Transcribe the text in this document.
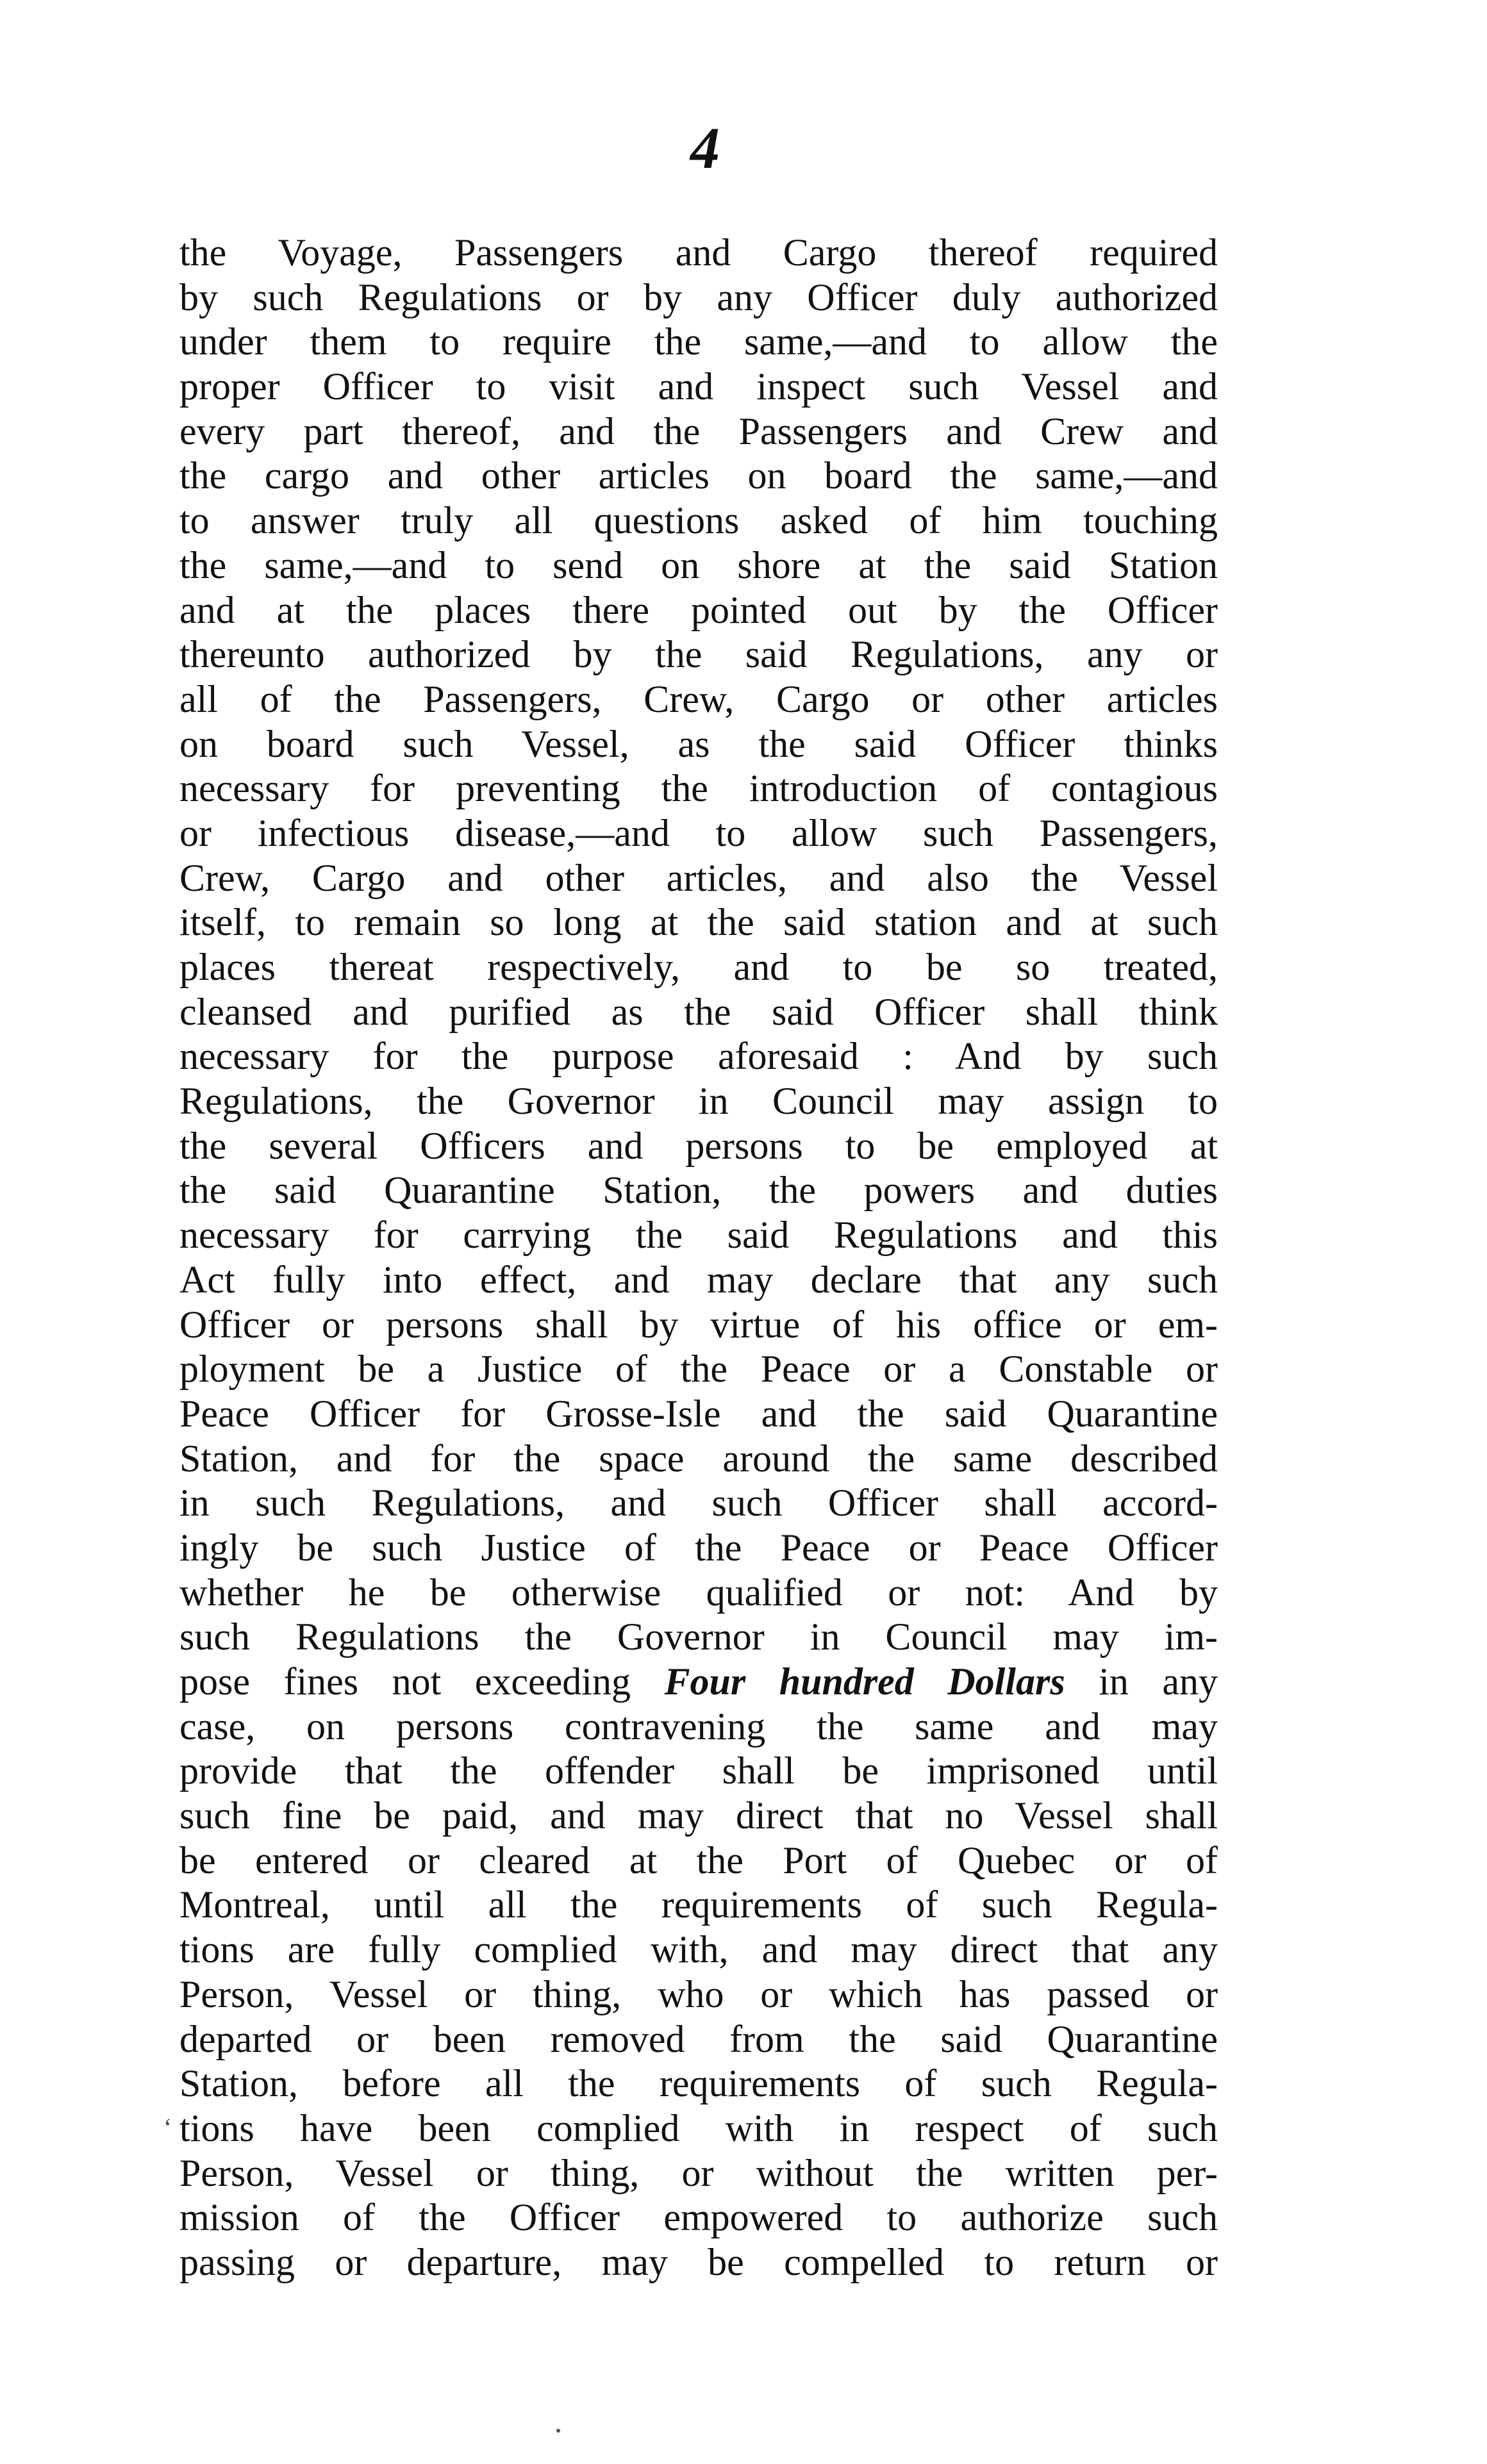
4
the Voyage, Passengers and Cargo thereof required
by such Regulations or by any Officer duly authorized
under them to require the same,—and to allow the
proper Officer to visit and inspect such Vessel and
every part thereof, and the Passengers and Crew and
the cargo and other articles on board the same,—and
to answer truly all questions asked of him touching
the same,—and to send on shore at the said Station
and at the places there pointed out by the Officer
thereunto authorized by the said Regulations, any or
all of the Passengers, Crew, Cargo or other articles
on board such Vessel, as the said Officer thinks
necessary for preventing the introduction of contagious
or infectious disease,—and to allow such Passengers,
Crew, Cargo and other articles, and also the Vessel
itself, to remain so long at the said station and at such
places thereat respectively, and to be so treated,
cleansed and purified as the said Officer shall think
necessary for the purpose aforesaid : And by such
Regulations, the Governor in Council may assign to
the several Officers and persons to be employed at
the said Quarantine Station, the powers and duties
necessary for carrying the said Regulations and this
Act fully into effect, and may declare that any such
Officer or persons shall by virtue of his office or em-
ployment be a Justice of the Peace or a Constable or
Peace Officer for Grosse-Isle and the said Quarantine
Station, and for the space around the same described
in such Regulations, and such Officer shall accord-
ingly be such Justice of the Peace or Peace Officer
whether he be otherwise qualified or not: And by
such Regulations the Governor in Council may im-
pose fines not exceeding Four hundred Dollars in any
case, on persons contravening the same and may
provide that the offender shall be imprisoned until
such fine be paid, and may direct that no Vessel shall
be entered or cleared at the Port of Quebec or of
Montreal, until all the requirements of such Regula-
tions are fully complied with, and may direct that any
Person, Vessel or thing, who or which has passed or
departed or been removed from the said Quarantine
Station, before all the requirements of such Regula-
tions have been complied with in respect of such
Person, Vessel or thing, or without the written per-
mission of the Officer empowered to authorize such
passing or departure, may be compelled to return or
‘
